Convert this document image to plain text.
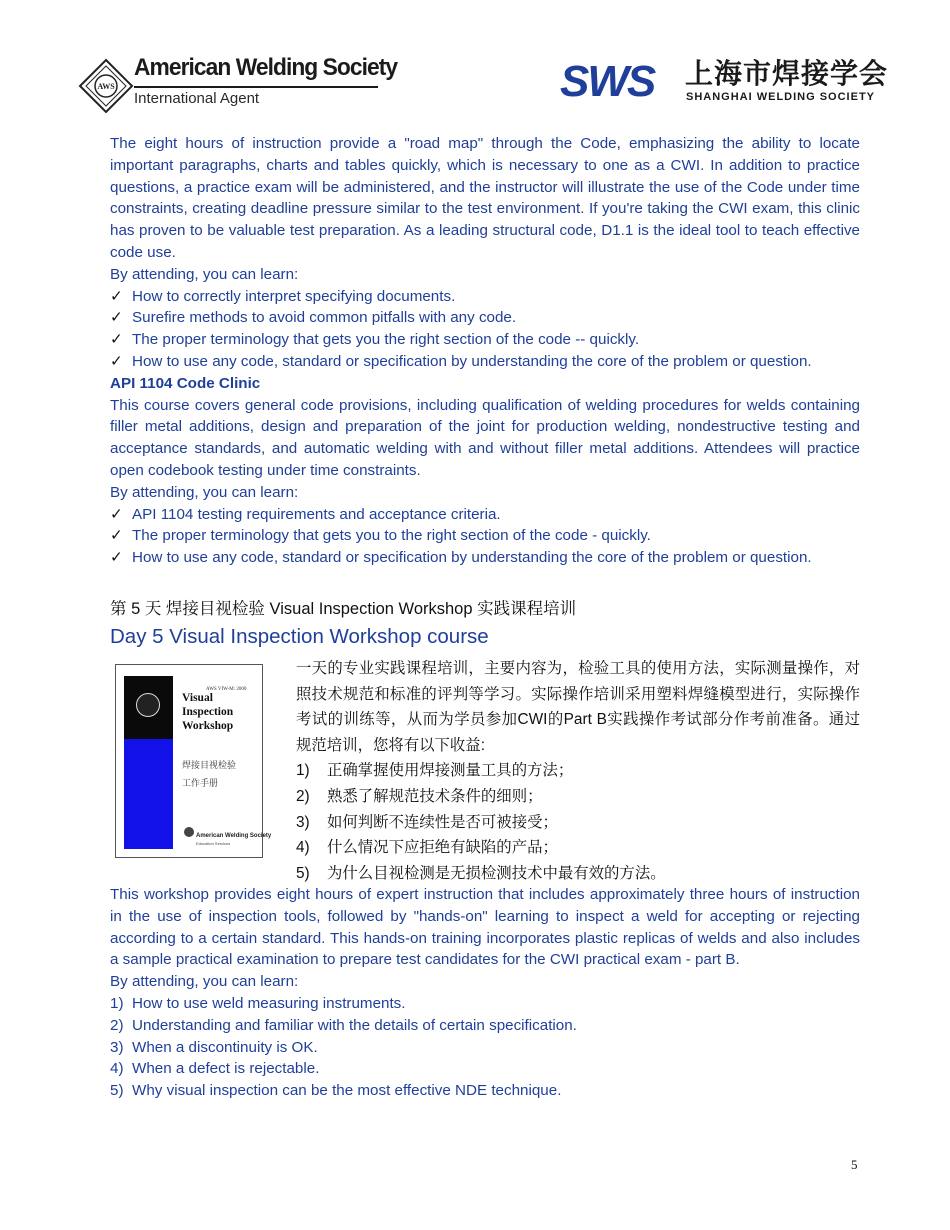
AWS
American Welding Society
International Agent	SWS 上海市焊接学会
SHANGHAI WELDING SOCIETY

The eight hours of instruction provide a "road map" through the Code, emphasizing the ability to locate important paragraphs, charts and tables quickly, which is necessary to one as a CWI. In addition to practice questions, a practice exam will be administered, and the instructor will illustrate the use of the Code under time constraints, creating deadline pressure similar to the test environment. If you're taking the CWI exam, this clinic has proven to be valuable test preparation. As a leading structural code, D1.1 is the ideal tool to teach effective code use.

By attending, you can learn:

✓ How to correctly interpret specifying documents.
✓ Surefire methods to avoid common pitfalls with any code.
✓ The proper terminology that gets you the right section of the code -- quickly.
✓ How to use any code, standard or specification by understanding the core of the problem or question.

API 1104 Code Clinic

This course covers general code provisions, including qualification of welding procedures for welds containing filler metal additions, design and preparation of the joint for production welding, nondestructive testing and acceptance standards, and automatic welding with and without filler metal additions. Attendees will practice open codebook testing under time constraints.

By attending, you can learn:

✓ API 1104 testing requirements and acceptance criteria.
✓ The proper terminology that gets you to the right section of the code - quickly.
✓ How to use any code, standard or specification by understanding the core of the problem or question.
第 5 天 焊接目视检验 Visual Inspection Workshop 实践课程培训
Day 5 Visual Inspection Workshop course
AWS VIW-M: 2000
Visual
Inspection
Workshop
焊接目视检验
工作手册
American Welding Society
Education Services

一天的专业实践课程培训，主要内容为，检验工具的使用方法，实际测量操作，对照技术规范和标准的评判等学习。实际操作培训采用塑料焊缝模型进行，实际操作考试的训练等，从而为学员参加CWI的Part B实践操作考试部分作考前准备。通过规范培训，您将有以下收益:

1) 正确掌握使用焊接测量工具的方法；
2) 熟悉了解规范技术条件的细则；
3) 如何判断不连续性是否可被接受；
4) 什么情况下应拒绝有缺陷的产品；
5) 为什么目视检测是无损检测技术中最有效的方法。

This workshop provides eight hours of expert instruction that includes approximately three hours of instruction in the use of inspection tools, followed by "hands-on" learning to inspect a weld for accepting or rejecting according to a certain standard. This hands-on training incorporates plastic replicas of welds and also includes a sample practical examination to prepare test candidates for the CWI practical exam - part B.

By attending, you can learn:

1) How to use weld measuring instruments.
2) Understanding and familiar with the details of certain specification.
3) When a discontinuity is OK.
4) When a defect is rejectable.
5) Why visual inspection can be the most effective NDE technique.
5
